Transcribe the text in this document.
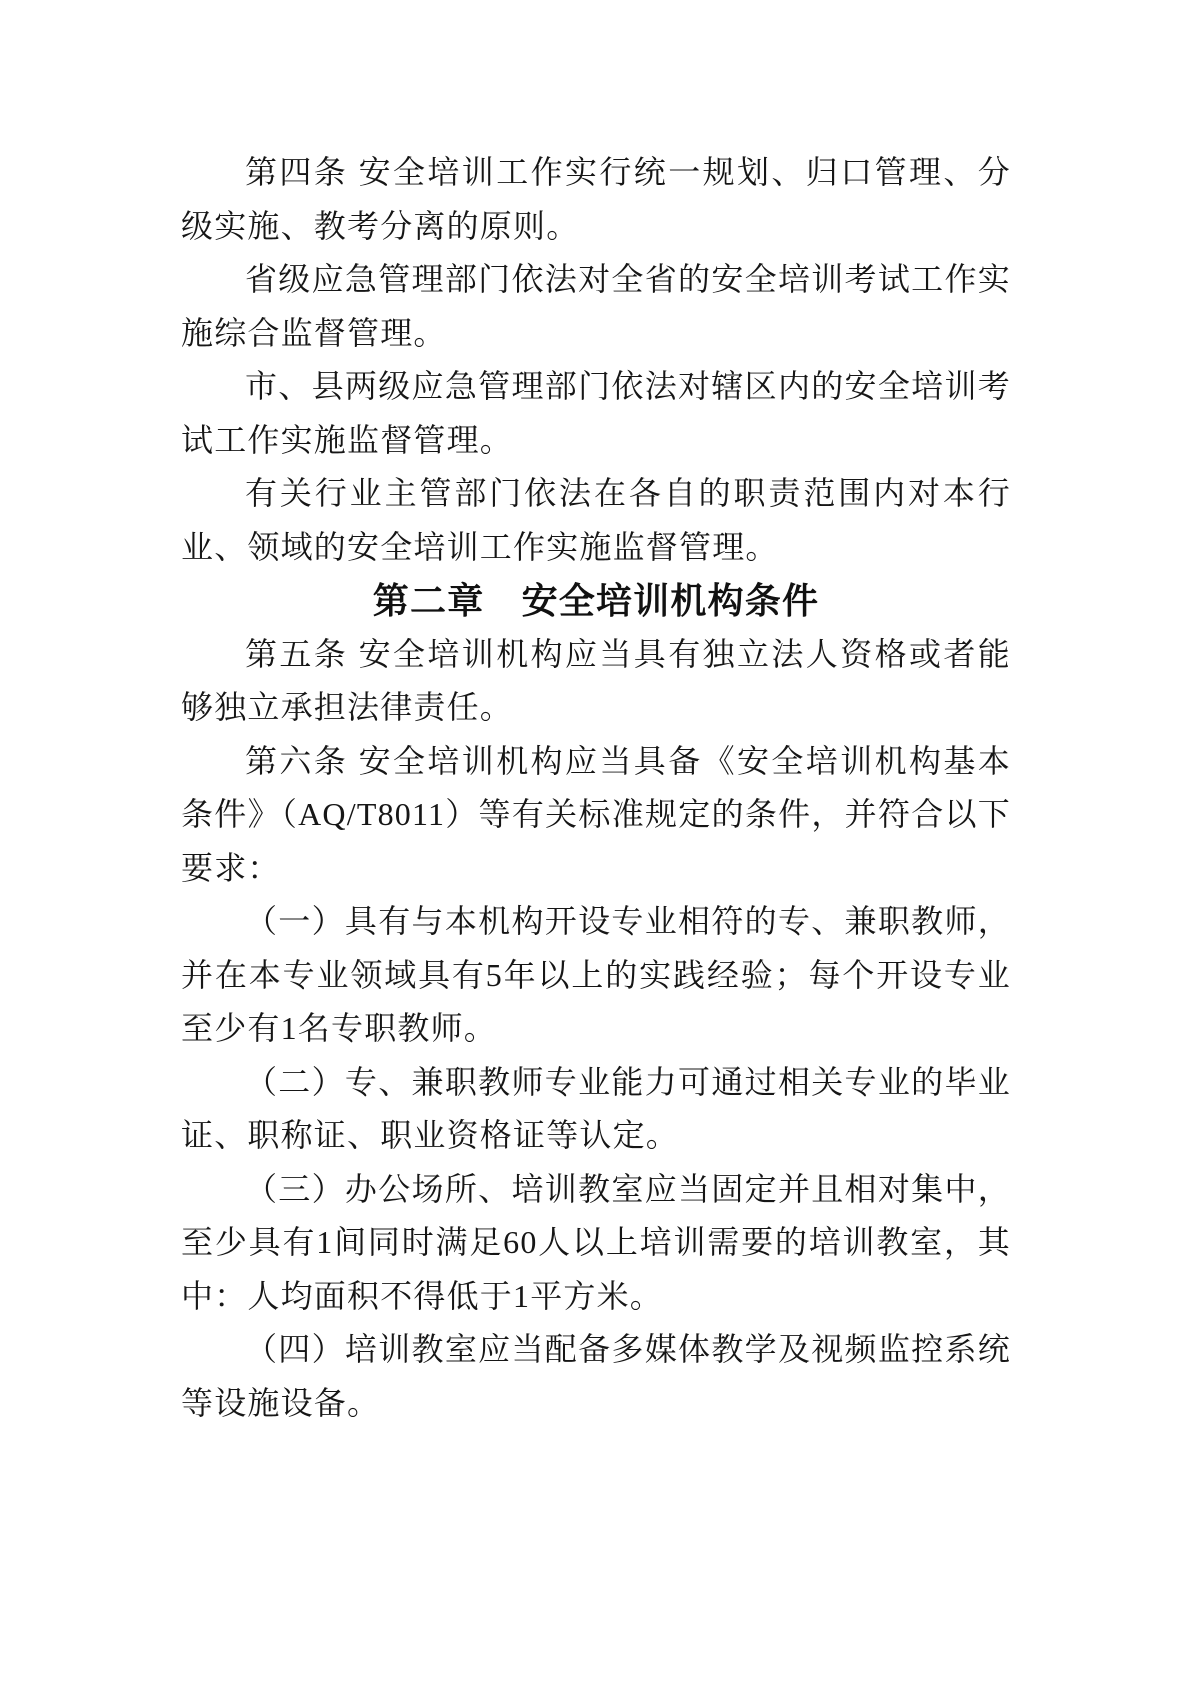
第四条 安全培训工作实行统一规划、归口管理、分级实施、教考分离的原则。

省级应急管理部门依法对全省的安全培训考试工作实施综合监督管理。

市、县两级应急管理部门依法对辖区内的安全培训考试工作实施监督管理。

有关行业主管部门依法在各自的职责范围内对本行业、领域的安全培训工作实施监督管理。

第二章　安全培训机构条件

第五条 安全培训机构应当具有独立法人资格或者能够独立承担法律责任。

第六条 安全培训机构应当具备《安全培训机构基本条件》（AQ/T8011）等有关标准规定的条件，并符合以下要求：

（一）具有与本机构开设专业相符的专、兼职教师，并在本专业领域具有5年以上的实践经验；每个开设专业至少有1名专职教师。

（二）专、兼职教师专业能力可通过相关专业的毕业证、职称证、职业资格证等认定。

（三）办公场所、培训教室应当固定并且相对集中，至少具有1间同时满足60人以上培训需要的培训教室，其中：人均面积不得低于1平方米。

（四）培训教室应当配备多媒体教学及视频监控系统等设施设备。
